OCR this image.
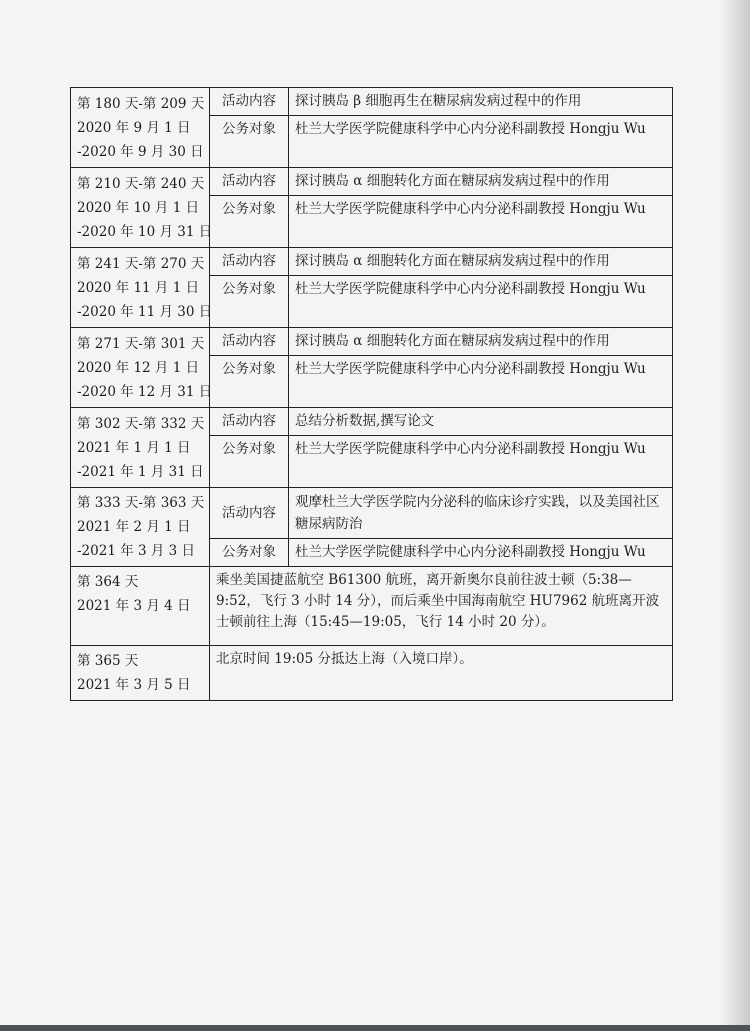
第 180 天-第 209 天
2020 年 9 月 1 日
-2020 年 9 月 30 日	活动内容	探讨胰岛 β 细胞再生在糖尿病发病过程中的作用
	公务对象	杜兰大学医学院健康科学中心内分泌科副教授 Hongju Wu

第 210 天-第 240 天
2020 年 10 月 1 日
-2020 年 10 月 31 日	活动内容	探讨胰岛 α 细胞转化方面在糖尿病发病过程中的作用
	公务对象	杜兰大学医学院健康科学中心内分泌科副教授 Hongju Wu

第 241 天-第 270 天
2020 年 11 月 1 日
-2020 年 11 月 30 日	活动内容	探讨胰岛 α 细胞转化方面在糖尿病发病过程中的作用
	公务对象	杜兰大学医学院健康科学中心内分泌科副教授 Hongju Wu

第 271 天-第 301 天
2020 年 12 月 1 日
-2020 年 12 月 31 日	活动内容	探讨胰岛 α 细胞转化方面在糖尿病发病过程中的作用
	公务对象	杜兰大学医学院健康科学中心内分泌科副教授 Hongju Wu

第 302 天-第 332 天
2021 年 1 月 1 日
-2021 年 1 月 31 日	活动内容	总结分析数据,撰写论文
	公务对象	杜兰大学医学院健康科学中心内分泌科副教授 Hongju Wu

第 333 天-第 363 天
2021 年 2 月 1 日
-2021 年 3 月 3 日	活动内容	观摩杜兰大学医学院内分泌科的临床诊疗实践，以及美国社区糖尿病防治
	公务对象	杜兰大学医学院健康科学中心内分泌科副教授 Hongju Wu

第 364 天
2021 年 3 月 4 日	乘坐美国捷蓝航空 B61300 航班，离开新奥尔良前往波士顿（5:38—9:52，飞行 3 小时 14 分），而后乘坐中国海南航空 HU7962 航班离开波士顿前往上海（15:45—19:05，飞行 14 小时 20 分）。	

第 365 天
2021 年 3 月 5 日	北京时间 19:05 分抵达上海（入境口岸）。	
